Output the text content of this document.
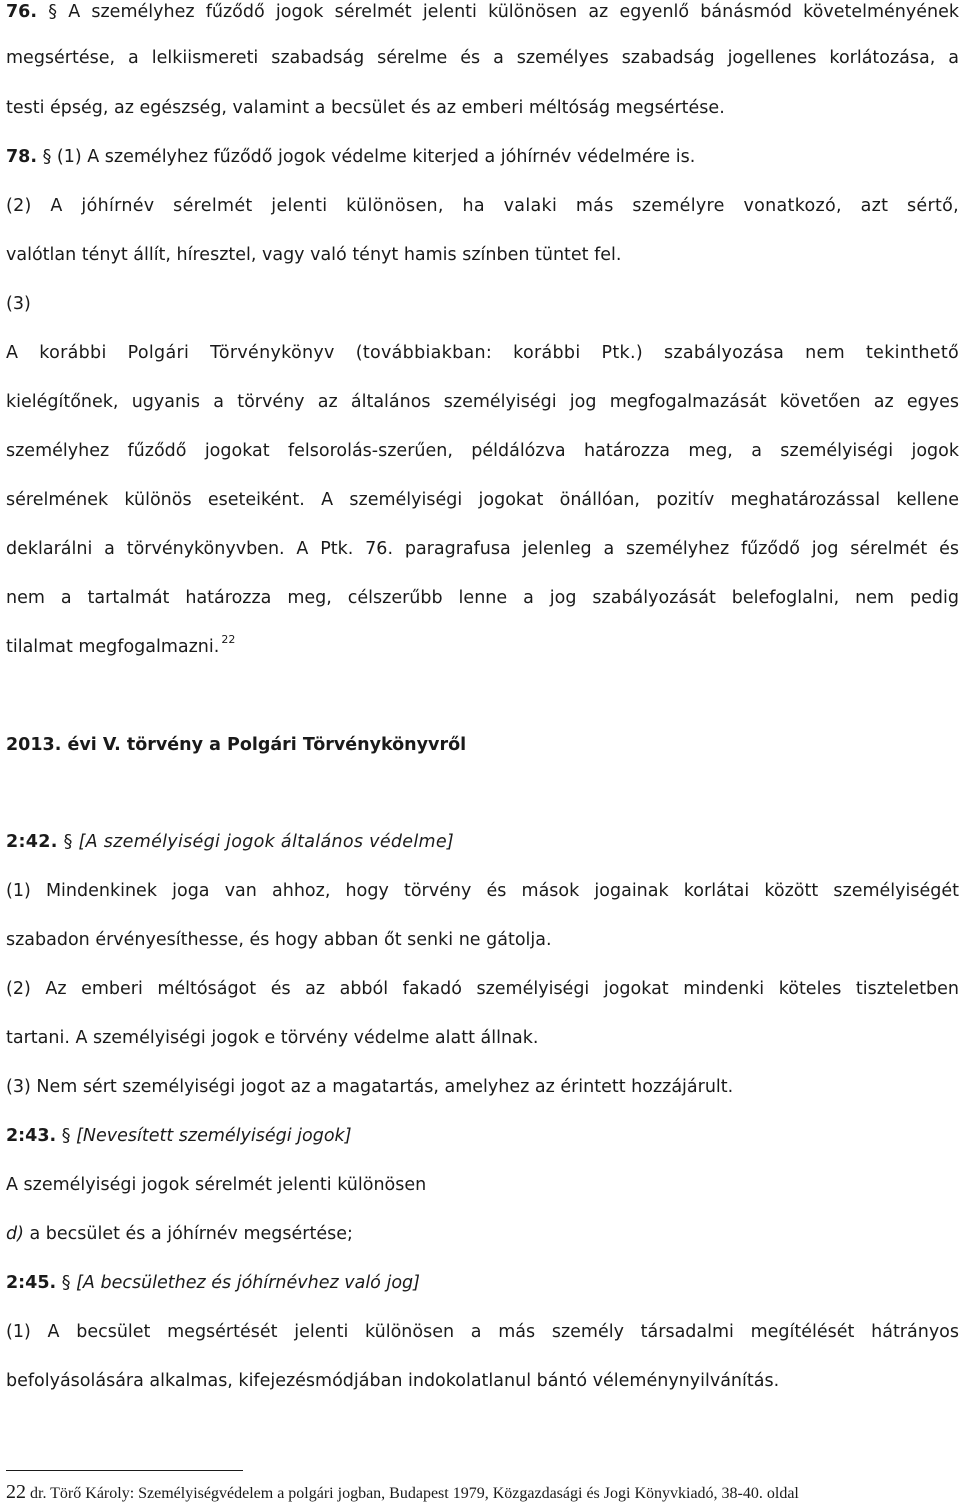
76. § A személyhez fűződő jogok sérelmét jelenti különösen az egyenlő bánásmód követelményének
megsértése, a lelkiismereti szabadság sérelme és a személyes szabadság jogellenes korlátozása, a
testi épség, az egészség, valamint a becsület és az emberi méltóság megsértése.
78. § (1) A személyhez fűződő jogok védelme kiterjed a jóhírnév védelmére is.
(2) A jóhírnév sérelmét jelenti különösen, ha valaki más személyre vonatkozó, azt sértő,
valótlan tényt állít, híresztel, vagy való tényt hamis színben tüntet fel.
(3)
A korábbi Polgári Törvénykönyv (továbbiakban: korábbi Ptk.) szabályozása nem tekinthető
kielégítőnek, ugyanis a törvény az általános személyiségi jog megfogalmazását követően az egyes
személyhez fűződő jogokat felsorolás-szerűen, példálózva határozza meg, a személyiségi jogok
sérelmének különös eseteiként. A személyiségi jogokat önállóan, pozitív meghatározással kellene
deklarálni a törvénykönyvben. A Ptk. 76. paragrafusa jelenleg a személyhez fűződő jog sérelmét és
nem a tartalmát határozza meg, célszerűbb lenne a jog szabályozását belefoglalni, nem pedig
tilalmat megfogalmazni. $^{22}$
2013. évi V. törvény a Polgári Törvénykönyvről
2:42. § [A személyiségi jogok általános védelme]
(1) Mindenkinek joga van ahhoz, hogy törvény és mások jogainak korlátai között személyiségét
szabadon érvényesíthesse, és hogy abban őt senki ne gátolja.
(2) Az emberi méltóságot és az abból fakadó személyiségi jogokat mindenki köteles tiszteletben
tartani. A személyiségi jogok e törvény védelme alatt állnak.
(3) Nem sért személyiségi jogot az a magatartás, amelyhez az érintett hozzájárult.
2:43. § [Nevesített személyiségi jogok]
A személyiségi jogok sérelmét jelenti különösen
d) a becsület és a jóhírnév megsértése;
2:45. § [A becsülethez és jóhírnévhez való jog]
(1) A becsület megsértését jelenti különösen a más személy társadalmi megítélését hátrányos
befolyásolására alkalmas, kifejezésmódjában indokolatlanul bántó véleménynyilvánítás.
22 dr. Törő Károly: Személyiségvédelem a polgári jogban, Budapest 1979, Közgazdasági és Jogi Könyvkiadó, 38-40. oldal
